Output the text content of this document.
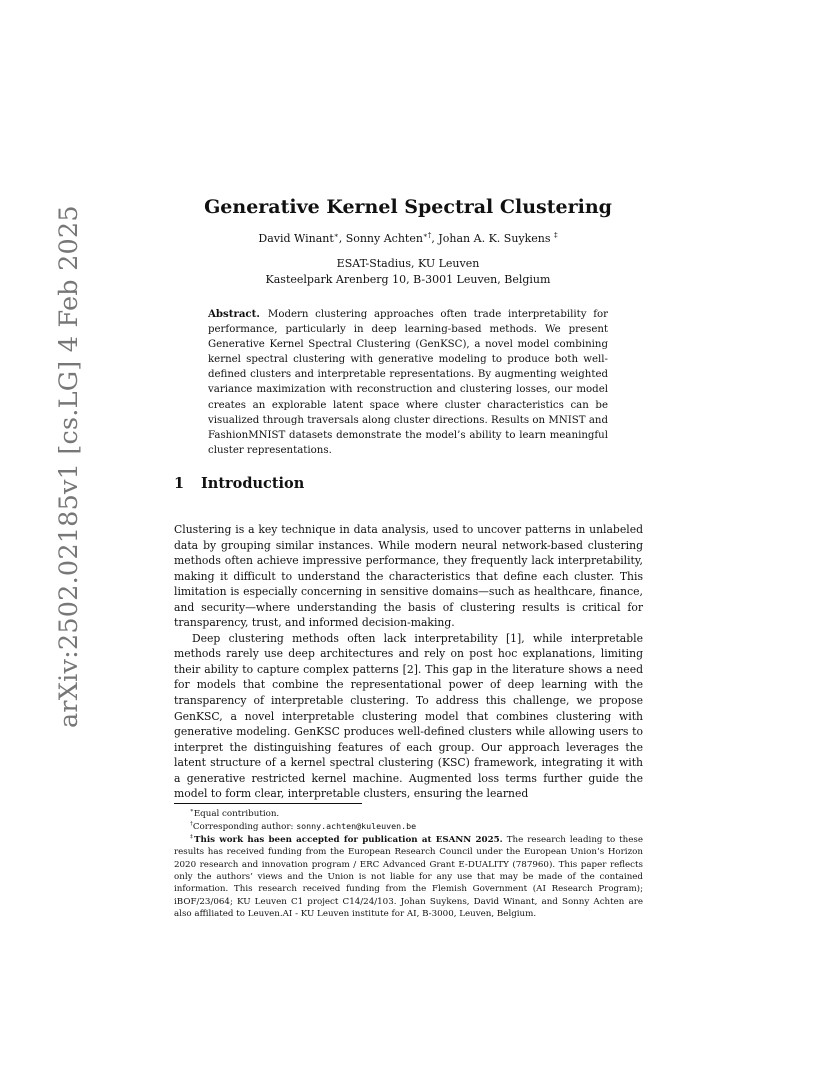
arXiv:2502.02185v1 [cs.LG] 4 Feb 2025	Generative Kernel Spectral Clustering
David Winant∗, Sonny Achten∗†, Johan A. K. Suykens ‡
ESAT-Stadius, KU Leuven
Kasteelpark Arenberg 10, B-3001 Leuven, Belgium
Abstract. Modern clustering approaches often trade interpretability for performance, particularly in deep learning-based methods. We present Generative Kernel Spectral Clustering (GenKSC), a novel model combining kernel spectral clustering with generative modeling to produce both well-defined clusters and interpretable representations. By augmenting weighted variance maximization with reconstruction and clustering losses, our model creates an explorable latent space where cluster characteristics can be visualized through traversals along cluster directions. Results on MNIST and FashionMNIST datasets demonstrate the model’s ability to learn meaningful cluster representations.
1 Introduction

Clustering is a key technique in data analysis, used to uncover patterns in unlabeled data by grouping similar instances. While modern neural network-based clustering methods often achieve impressive performance, they frequently lack interpretability, making it difficult to understand the characteristics that define each cluster. This limitation is especially concerning in sensitive domains—such as healthcare, finance, and security—where understanding the basis of clustering results is critical for transparency, trust, and informed decision-making.

Deep clustering methods often lack interpretability [1], while interpretable methods rarely use deep architectures and rely on post hoc explanations, limiting their ability to capture complex patterns [2]. This gap in the literature shows a need for models that combine the representational power of deep learning with the transparency of interpretable clustering. To address this challenge, we propose GenKSC, a novel interpretable clustering model that combines clustering with generative modeling. GenKSC produces well-defined clusters while allowing users to interpret the distinguishing features of each group. Our approach leverages the latent structure of a kernel spectral clustering (KSC) framework, integrating it with a generative restricted kernel machine. Augmented loss terms further guide the model to form clear, interpretable clusters, ensuring the learned

∗Equal contribution.

†Corresponding author: sonny.achten@kuleuven.be

‡This work has been accepted for publication at ESANN 2025. The research leading to these results has received funding from the European Research Council under the European Union’s Horizon 2020 research and innovation program / ERC Advanced Grant E-DUALITY (787960). This paper reflects only the authors’ views and the Union is not liable for any use that may be made of the contained information. This research received funding from the Flemish Government (AI Research Program); iBOF/23/064; KU Leuven C1 project C14/24/103. Johan Suykens, David Winant, and Sonny Achten are also affiliated to Leuven.AI - KU Leuven institute for AI, B-3000, Leuven, Belgium.
